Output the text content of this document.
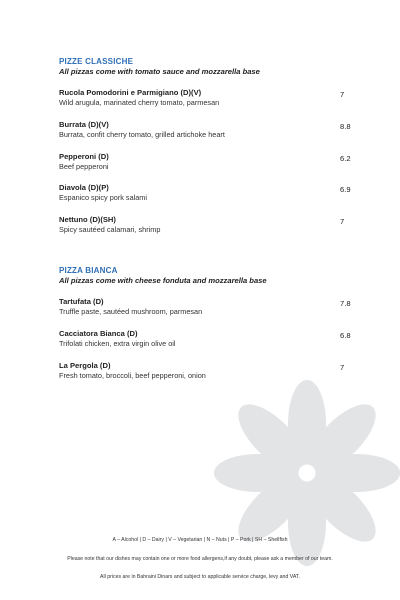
PIZZE CLASSICHE
All pizzas come with tomato sauce and mozzarella base
Rucola Pomodorini e Parmigiano (D)(V)
Wild arugula, marinated cherry tomato, parmesan
7
Burrata (D)(V)
Burrata, confit cherry tomato, grilled artichoke heart
8.8
Pepperoni (D)
Beef pepperoni
6.2
Diavola (D)(P)
Espanico spicy pork salami
6.9
Nettuno (D)(SH)
Spicy sautéed calamari, shrimp
7
PIZZA BIANCA
All pizzas come with cheese fonduta and mozzarella base
Tartufata (D)
Truffle paste, sautéed mushroom, parmesan
7.8
Cacciatora Bianca (D)
Trifolati chicken, extra virgin olive oil
6.8
La Pergola (D)
Fresh tomato, broccoli, beef pepperoni, onion
7
A – Alcohol | D – Dairy | V – Vegetarian | N – Nuts | P – Pork | SH – Shellfish
Please note that our dishes may contain one or more food allergens,if any doubt, please ask a member of our team.
All prices are in Bahraini Dinars and subject to applicable service charge, levy and VAT.
